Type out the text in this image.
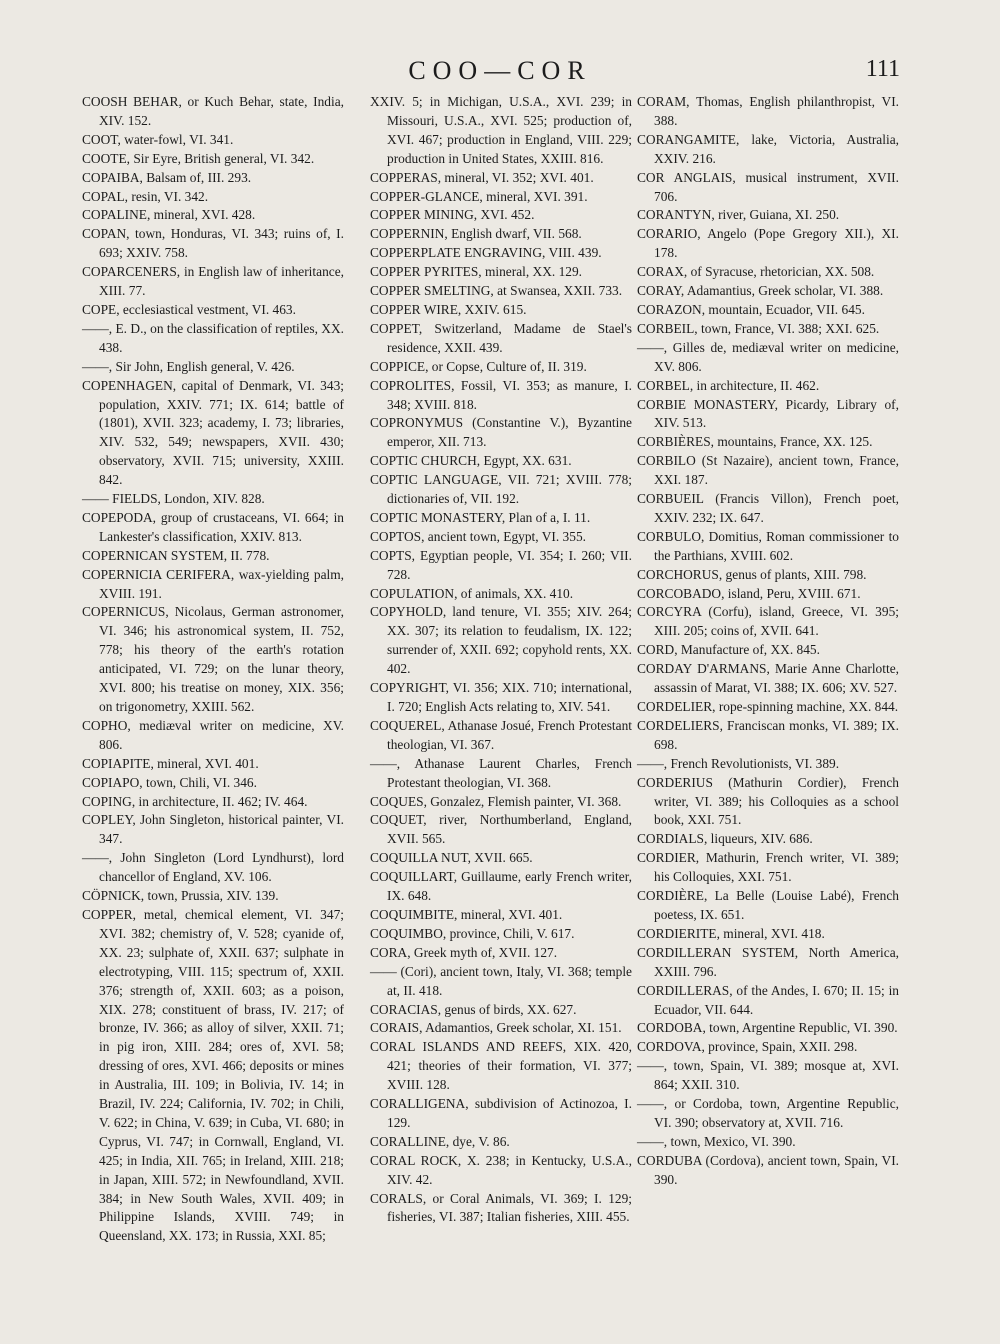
COO—COR	111

COOSH BEHAR, or Kuch Behar, state, India, XIV. 152.

COOT, water-fowl, VI. 341.

COOTE, Sir Eyre, British general, VI. 342.

COPAIBA, Balsam of, III. 293.

COPAL, resin, VI. 342.

COPALINE, mineral, XVI. 428.

COPAN, town, Honduras, VI. 343; ruins of, I. 693; XXIV. 758.

COPARCENERS, in English law of inheritance, XIII. 77.

COPE, ecclesiastical vestment, VI. 463.

——, E. D., on the classification of reptiles, XX. 438.

——, Sir John, English general, V. 426.

COPENHAGEN, capital of Denmark, VI. 343; population, XXIV. 771; IX. 614; battle of (1801), XVII. 323; academy, I. 73; libraries, XIV. 532, 549; newspapers, XVII. 430; observatory, XVII. 715; university, XXIII. 842.

—— FIELDS, London, XIV. 828.

COPEPODA, group of crustaceans, VI. 664; in Lankester's classification, XXIV. 813.

COPERNICAN SYSTEM, II. 778.

COPERNICIA CERIFERA, wax-yielding palm, XVIII. 191.

COPERNICUS, Nicolaus, German astronomer, VI. 346; his astronomical system, II. 752, 778; his theory of the earth's rotation anticipated, VI. 729; on the lunar theory, XVI. 800; his treatise on money, XIX. 356; on trigonometry, XXIII. 562.

COPHO, mediæval writer on medicine, XV. 806.

COPIAPITE, mineral, XVI. 401.

COPIAPO, town, Chili, VI. 346.

COPING, in architecture, II. 462; IV. 464.

COPLEY, John Singleton, historical painter, VI. 347.

——, John Singleton (Lord Lyndhurst), lord chancellor of England, XV. 106.

CÖPNICK, town, Prussia, XIV. 139.

COPPER, metal, chemical element, VI. 347; XVI. 382; chemistry of, V. 528; cyanide of, XX. 23; sulphate of, XXII. 637; sulphate in electrotyping, VIII. 115; spectrum of, XXII. 376; strength of, XXII. 603; as a poison, XIX. 278; constituent of brass, IV. 217; of bronze, IV. 366; as alloy of silver, XXII. 71; in pig iron, XIII. 284; ores of, XVI. 58; dressing of ores, XVI. 466; deposits or mines in Australia, III. 109; in Bolivia, IV. 14; in Brazil, IV. 224; California, IV. 702; in Chili, V. 622; in China, V. 639; in Cuba, VI. 680; in Cyprus, VI. 747; in Cornwall, England, VI. 425; in India, XII. 765; in Ireland, XIII. 218; in Japan, XIII. 572; in Newfoundland, XVII. 384; in New South Wales, XVII. 409; in Philippine Islands, XVIII. 749; in Queensland, XX. 173; in Russia, XXI. 85;

XXIV. 5; in Michigan, U.S.A., XVI. 239; in Missouri, U.S.A., XVI. 525; production of, XVI. 467; production in England, VIII. 229; production in United States, XXIII. 816.

COPPERAS, mineral, VI. 352; XVI. 401.

COPPER-GLANCE, mineral, XVI. 391.

COPPER MINING, XVI. 452.

COPPERNIN, English dwarf, VII. 568.

COPPERPLATE ENGRAVING, VIII. 439.

COPPER PYRITES, mineral, XX. 129.

COPPER SMELTING, at Swansea, XXII. 733.

COPPER WIRE, XXIV. 615.

COPPET, Switzerland, Madame de Stael's residence, XXII. 439.

COPPICE, or Copse, Culture of, II. 319.

COPROLITES, Fossil, VI. 353; as manure, I. 348; XVIII. 818.

COPRONYMUS (Constantine V.), Byzantine emperor, XII. 713.

COPTIC CHURCH, Egypt, XX. 631.

COPTIC LANGUAGE, VII. 721; XVIII. 778; dictionaries of, VII. 192.

COPTIC MONASTERY, Plan of a, I. 11.

COPTOS, ancient town, Egypt, VI. 355.

COPTS, Egyptian people, VI. 354; I. 260; VII. 728.

COPULATION, of animals, XX. 410.

COPYHOLD, land tenure, VI. 355; XIV. 264; XX. 307; its relation to feudalism, IX. 122; surrender of, XXII. 692; copyhold rents, XX. 402.

COPYRIGHT, VI. 356; XIX. 710; international, I. 720; English Acts relating to, XIV. 541.

COQUEREL, Athanase Josué, French Protestant theologian, VI. 367.

——, Athanase Laurent Charles, French Protestant theologian, VI. 368.

COQUES, Gonzalez, Flemish painter, VI. 368.

COQUET, river, Northumberland, England, XVII. 565.

COQUILLA NUT, XVII. 665.

COQUILLART, Guillaume, early French writer, IX. 648.

COQUIMBITE, mineral, XVI. 401.

COQUIMBO, province, Chili, V. 617.

CORA, Greek myth of, XVII. 127.

—— (Cori), ancient town, Italy, VI. 368; temple at, II. 418.

CORACIAS, genus of birds, XX. 627.

CORAIS, Adamantios, Greek scholar, XI. 151.

CORAL ISLANDS AND REEFS, XIX. 420, 421; theories of their formation, VI. 377; XVIII. 128.

CORALLIGENA, subdivision of Actinozoa, I. 129.

CORALLINE, dye, V. 86.

CORAL ROCK, X. 238; in Kentucky, U.S.A., XIV. 42.

CORALS, or Coral Animals, VI. 369; I. 129; fisheries, VI. 387; Italian fisheries, XIII. 455.

CORAM, Thomas, English philanthropist, VI. 388.

CORANGAMITE, lake, Victoria, Australia, XXIV. 216.

COR ANGLAIS, musical instrument, XVII. 706.

CORANTYN, river, Guiana, XI. 250.

CORARIO, Angelo (Pope Gregory XII.), XI. 178.

CORAX, of Syracuse, rhetorician, XX. 508.

CORAY, Adamantius, Greek scholar, VI. 388.

CORAZON, mountain, Ecuador, VII. 645.

CORBEIL, town, France, VI. 388; XXI. 625.

——, Gilles de, mediæval writer on medicine, XV. 806.

CORBEL, in architecture, II. 462.

CORBIE MONASTERY, Picardy, Library of, XIV. 513.

CORBIÈRES, mountains, France, XX. 125.

CORBILO (St Nazaire), ancient town, France, XXI. 187.

CORBUEIL (Francis Villon), French poet, XXIV. 232; IX. 647.

CORBULO, Domitius, Roman commissioner to the Parthians, XVIII. 602.

CORCHORUS, genus of plants, XIII. 798.

CORCOBADO, island, Peru, XVIII. 671.

CORCYRA (Corfu), island, Greece, VI. 395; XIII. 205; coins of, XVII. 641.

CORD, Manufacture of, XX. 845.

CORDAY D'ARMANS, Marie Anne Charlotte, assassin of Marat, VI. 388; IX. 606; XV. 527.

CORDELIER, rope-spinning machine, XX. 844.

CORDELIERS, Franciscan monks, VI. 389; IX. 698.

——, French Revolutionists, VI. 389.

CORDERIUS (Mathurin Cordier), French writer, VI. 389; his Colloquies as a school book, XXI. 751.

CORDIALS, liqueurs, XIV. 686.

CORDIER, Mathurin, French writer, VI. 389; his Colloquies, XXI. 751.

CORDIÈRE, La Belle (Louise Labé), French poetess, IX. 651.

CORDIERITE, mineral, XVI. 418.

CORDILLERAN SYSTEM, North America, XXIII. 796.

CORDILLERAS, of the Andes, I. 670; II. 15; in Ecuador, VII. 644.

CORDOBA, town, Argentine Republic, VI. 390.

CORDOVA, province, Spain, XXII. 298.

——, town, Spain, VI. 389; mosque at, XVI. 864; XXII. 310.

——, or Cordoba, town, Argentine Republic, VI. 390; observatory at, XVII. 716.

——, town, Mexico, VI. 390.

CORDUBA (Cordova), ancient town, Spain, VI. 390.
